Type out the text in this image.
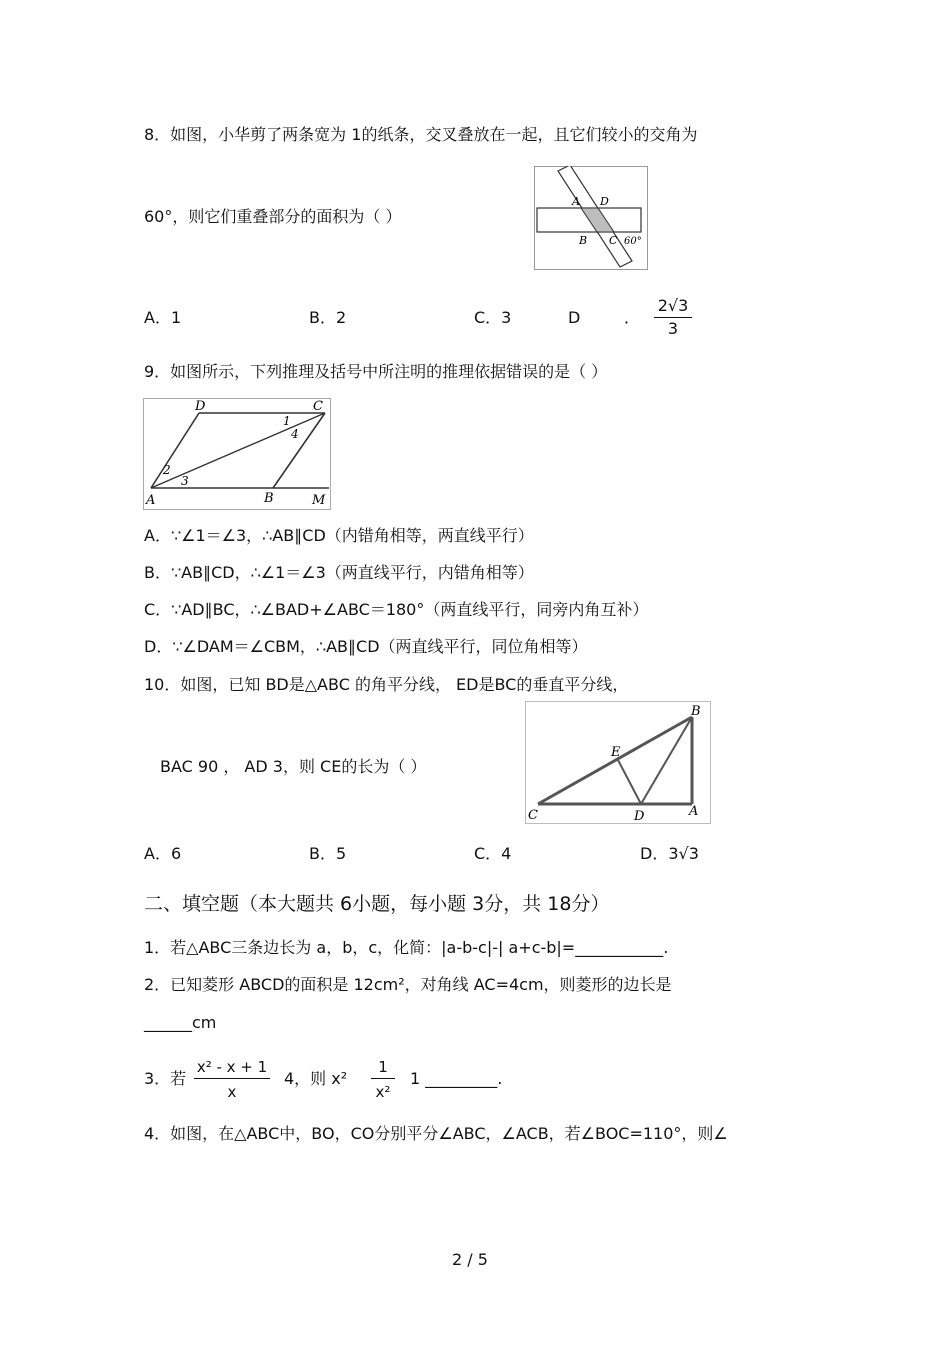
8．如图，小华剪了两条宽为 1的纸条，交叉叠放在一起，且它们较小的交角为
60°，则它们重叠部分的面积为（ ）
A D
B C 60°
A．1	B．2	C．3	D	．
2√3
3
9．如图所示，下列推理及括号中所注明的推理依据错误的是（ ）
D	C
A	B	M
1
2
3
4
A．∵∠1＝∠3，∴AB∥CD（内错角相等，两直线平行）
B．∵AB∥CD，∴∠1＝∠3（两直线平行，内错角相等）
C．∵AD∥BC，∴∠BAD+∠ABC＝180°（两直线平行，同旁内角互补）
D．∵∠DAM＝∠CBM，∴AB∥CD（两直线平行，同位角相等）
10．如图，已知 BD是△ABC 的角平分线， ED是BC的垂直平分线，
BAC 90 ， AD 3，则 CE的长为（ ）
B
E
C	D	A
A．6	B．5	C．4	D．3√3
二、填空题（本大题共 6小题，每小题 3分，共 18分）
1．若△ABC三条边长为 a，b，c，化简：|a-b-c|-| a+c-b|=___________.
2．已知菱形 ABCD的面积是 12cm²，对角线 AC=4cm，则菱形的边长是
______cm
3．若
x² - x + 1
x
4，则 x²
1
x²
1 _________.
4．如图，在△ABC中，BO，CO分别平分∠ABC，∠ACB，若∠BOC=110°，则∠
2 / 5
